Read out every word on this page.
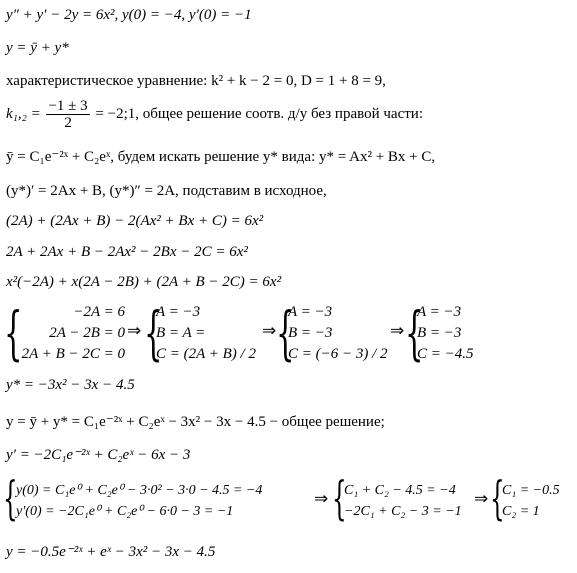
y″ + y′ − 2y = 6x², y(0) = −4, y′(0) = −1
y = ȳ + y*
характеристическое уравнение: k² + k − 2 = 0, D = 1 + 8 = 9,
$k_1,_2 = \frac{-1 \pm 3}{2}$ = −2;1, общее решение соотв. д/у без правой части:
ȳ = C₁e⁻²ˣ + C₂eˣ, будем искать решение y* вида: y* = Ax² + Bx + C,
(y*)′ = 2Ax + B, (y*)″ = 2A, подставим в исходное,
(2A) + (2Ax + B) − 2(Ax² + Bx + C) = 6x²
2A + 2Ax + B − 2Ax² − 2Bx − 2C = 6x²
x²(−2A) + x(2A − 2B) + (2A + B − 2C) = 6x²
{	−2A = 6
2A − 2B = 0
2A + B − 2C = 0
⇒ {
A = −3
B = A =
C = (2A + B) / 2
⇒ {
A = −3
B = −3
C = (−6 − 3) / 2
⇒ {
A = −3
B = −3
C = −4.5
y* = −3x² − 3x − 4.5
y = ȳ + y* = C₁e⁻²ˣ + C₂eˣ − 3x² − 3x − 4.5 − общее решение;
y′ = −2C₁e⁻²ˣ + C₂eˣ − 6x − 3
{
y(0) = C₁e⁰ + C₂e⁰ − 3·0² − 3·0 − 4.5 = −4
y′(0) = −2C₁e⁰ + C₂e⁰ − 6·0 − 3 = −1
⇒ {
C₁ + C₂ − 4.5 = −4
−2C₁ + C₂ − 3 = −1
⇒ {
C₁ = −0.5
C₂ = 1
y = −0.5e⁻²ˣ + eˣ − 3x² − 3x − 4.5
